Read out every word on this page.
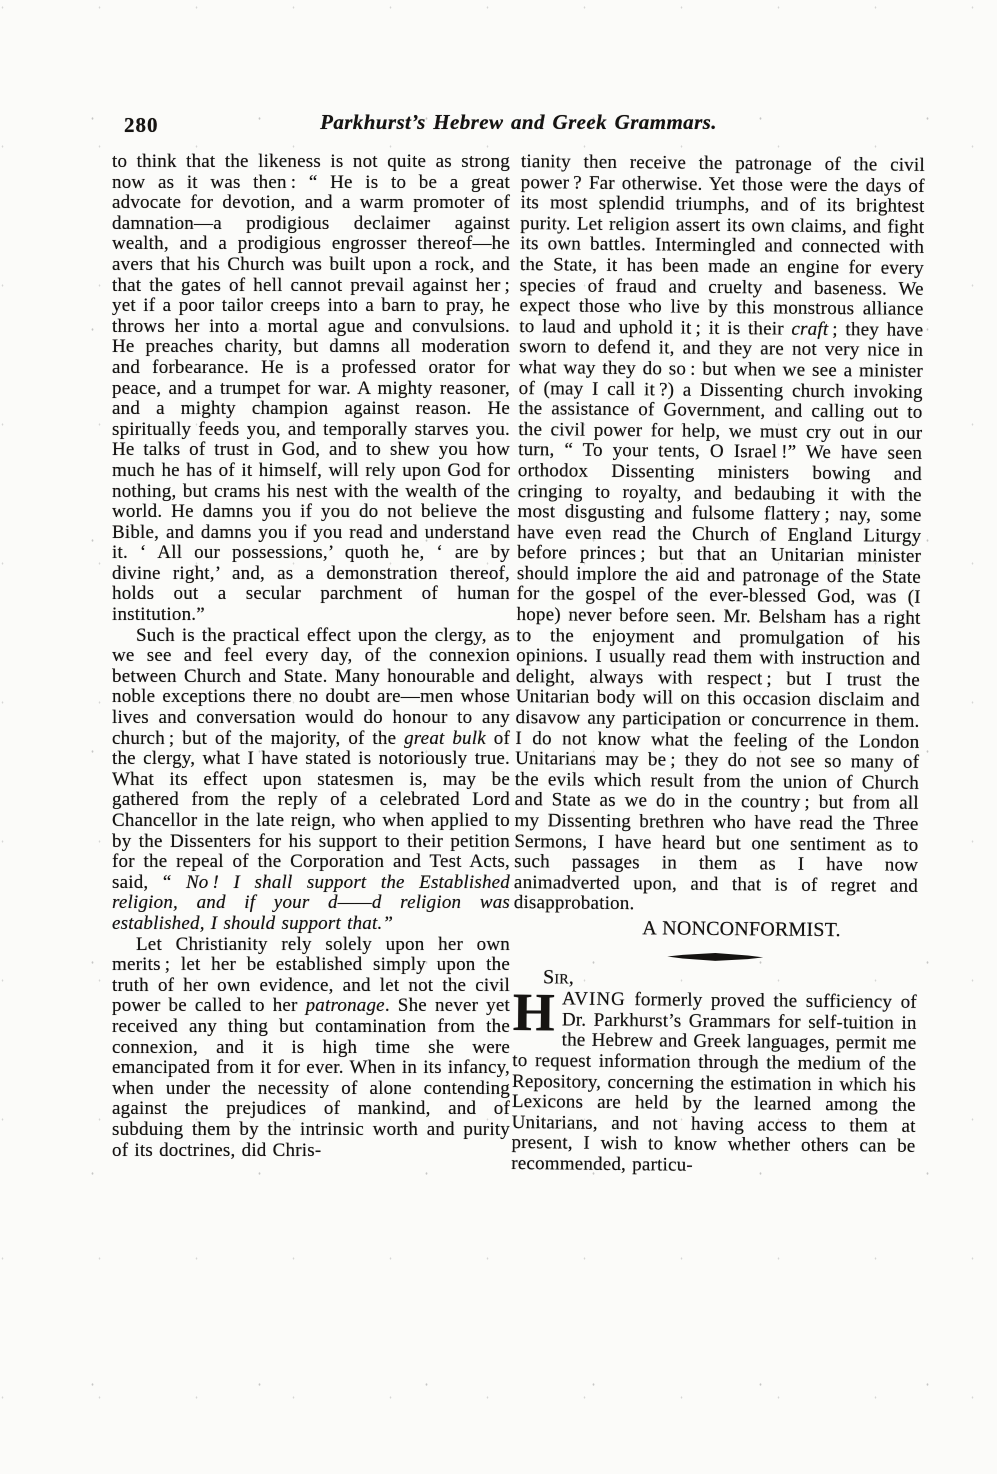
280	Parkhurst’s Hebrew and Greek Grammars.

to think that the likeness is not quite as strong now as it was then : “ He is to be a great advocate for devotion, and a warm promoter of damnation—a prodigious declaimer against wealth, and a prodigious engrosser thereof—he avers that his Church was built upon a rock, and that the gates of hell cannot prevail against her ; yet if a poor tailor creeps into a barn to pray, he throws her into a mortal ague and convulsions. He preaches charity, but damns all moderation and forbearance. He is a professed orator for peace, and a trumpet for war. A mighty reasoner, and a mighty champion against reason. He spiritually feeds you, and temporally starves you. He talks of trust in God, and to shew you how much he has of it himself, will rely upon God for nothing, but crams his nest with the wealth of the world. He damns you if you do not believe the Bible, and damns you if you read and understand it. ‘ All our possessions,’ quoth he, ‘ are by divine right,’ and, as a demonstration thereof, holds out a secular parchment of human institution.”

Such is the practical effect upon the clergy, as we see and feel every day, of the connexion between Church and State. Many honourable and noble exceptions there no doubt are—men whose lives and conversation would do honour to any church ; but of the majority, of the great bulk of the clergy, what I have stated is notoriously true. What its effect upon statesmen is, may be gathered from the reply of a celebrated Lord Chancellor in the late reign, who when applied to by the Dissenters for his support to their petition for the repeal of the Corporation and Test Acts, said, “ No ! I shall support the Established religion, and if your d——d religion was established, I should support that.”

Let Christianity rely solely upon her own merits ; let her be established simply upon the truth of her own evidence, and let not the civil power be called to her patronage. She never yet received any thing but contamination from the connexion, and it is high time she were emancipated from it for ever. When in its infancy, when under the necessity of alone contending against the prejudices of mankind, and of subduing them by the intrinsic worth and purity of its doctrines, did Chris-

tianity then receive the patronage of the civil power ? Far otherwise. Yet those were the days of its most splendid triumphs, and of its brightest purity. Let religion assert its own claims, and fight its own battles. Intermingled and connected with the State, it has been made an engine for every species of fraud and cruelty and baseness. We expect those who live by this monstrous alliance to laud and uphold it ; it is their craft ; they have sworn to defend it, and they are not very nice in what way they do so : but when we see a minister of (may I call it ?) a Dissenting church invoking the assistance of Government, and calling out to the civil power for help, we must cry out in our turn, “ To your tents, O Israel !” We have seen orthodox Dissenting ministers bowing and cringing to royalty, and bedaubing it with the most disgusting and fulsome flattery ; nay, some have even read the Church of England Liturgy before princes ; but that an Unitarian minister should implore the aid and patronage of the State for the gospel of the ever-blessed God, was (I hope) never before seen. Mr. Belsham has a right to the enjoyment and promulgation of his opinions. I usually read them with instruction and delight, always with respect ; but I trust the Unitarian body will on this occasion disclaim and disavow any participation or concurrence in them. I do not know what the feeling of the London Unitarians may be ; they do not see so many of the evils which result from the union of Church and State as we do in the country ; but from all my Dissenting brethren who have read the Three Sermons, I have heard but one sentiment as to such passages in them as I have now animadverted upon, and that is of regret and disapprobation.

A NONCONFORMIST.

Sir,

HAVING formerly proved the sufficiency of Dr. Parkhurst’s Grammars for self-tuition in the Hebrew and Greek languages, permit me to request information through the medium of the Repository, concerning the estimation in which his Lexicons are held by the learned among the Unitarians, and not having access to them at present, I wish to know whether others can be recommended, particu-
